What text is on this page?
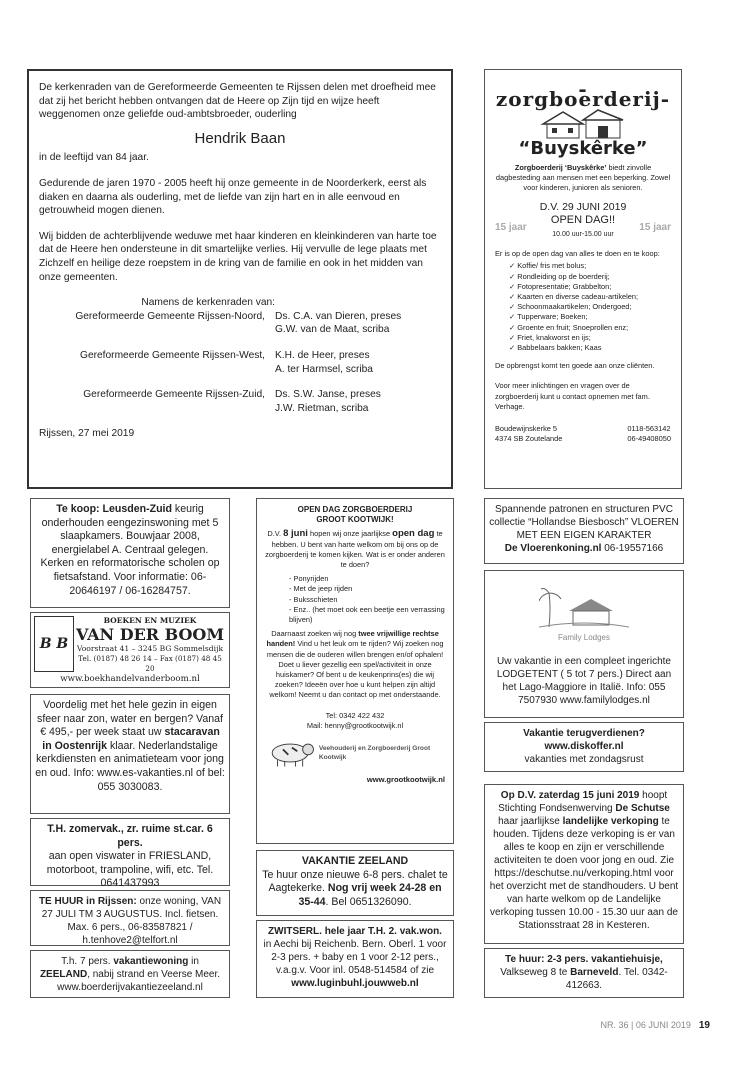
De kerkenraden van de Gereformeerde Gemeenten te Rijssen delen met droefheid mee dat zij het bericht hebben ontvangen dat de Heere op Zijn tijd en wijze heeft weggenomen onze geliefde oud-ambtsbroeder, ouderling

Hendrik Baan

in de leeftijd van 84 jaar.

Gedurende de jaren 1970 - 2005 heeft hij onze gemeente in de Noorderkerk, eerst als diaken en daarna als ouderling, met de liefde van zijn hart en in alle eenvoud en getrouwheid mogen dienen.

Wij bidden de achterblijvende weduwe met haar kinderen en kleinkinderen van harte toe dat de Heere hen ondersteune in dit smartelijke verlies. Hij vervulle de lege plaats met Zichzelf en heilige deze roepstem in de kring van de familie en ook in het midden van onze gemeenten.

Namens de kerkenraden van:
Gereformeerde Gemeente Rijssen-Noord, Ds. C.A. van Dieren, preses
G.W. van de Maat, scriba
Gereformeerde Gemeente Rijssen-West, K.H. de Heer, preses
A. ter Harmsel, scriba
Gereformeerde Gemeente Rijssen-Zuid, Ds. S.W. Janse, preses
J.W. Rietman, scriba

Rijssen, 27 mei 2019

-zorgboerderij-
“Buyskêrke”

Zorgboerderij ‘Buyskêrke’ biedt zinvolle dagbesteding aan mensen met een beperking. Zowel voor kinderen, junioren als senioren.

D.V. 29 JUNI 2019
15 jaar
OPEN DAG!!
10.00 uur-15.00 uur
15 jaar

Er is op de open dag van alles te doen en te koop:

✓ Koffie/ fris met bolus;
✓ Rondleiding op de boerderij;
✓ Fotopresentatie; Grabbelton;
✓ Kaarten en diverse cadeau-artikelen;
✓ Schoonmaakartikelen; Ondergoed;
✓ Tupperware; Boeken;
✓ Groente en fruit; Snoeprollen enz;
✓ Friet, knakworst en ijs;
✓ Babbelaars bakken; Kaas

De opbrengst komt ten goede aan onze cliënten.

Voor meer inlichtingen en vragen over de zorgboerderij kunt u contact opnemen met fam. Verhage.

Boudewijnskerke 5
4374 SB Zoutelande
0118-563142
06-49408050
Te koop: Leusden-Zuid keurig onderhouden eengezinswoning met 5 slaapkamers. Bouwjaar 2008, energielabel A. Centraal gelegen. Kerken en reformatorische scholen op fietsafstand. Voor informatie: 06-20646197 / 06-16284757.
B B
BOEKEN EN MUZIEK
VAN DER BOOM
Voorstraat 41 – 3245 BG Sommelsdijk
Tel. (0187) 48 26 14 – Fax (0187) 48 45 20
www.boekhandelvanderboom.nl
Voordelig met het hele gezin in eigen sfeer naar zon, water en bergen? Vanaf € 495,- per week staat uw stacaravan in Oostenrijk klaar. Nederlandstalige kerkdiensten en animatieteam voor jong en oud. Info: www.es-vakanties.nl of bel: 055 3030083.
T.H. zomervak., zr. ruime st.car. 6 pers.
aan open viswater in FRIESLAND, motorboot, trampoline, wifi, etc. Tel. 0641437993
TE HUUR in Rijssen: onze woning, VAN 27 JULI TM 3 AUGUSTUS. Incl. fietsen. Max. 6 pers., 06-83587821 / h.tenhove2@telfort.nl
T.h. 7 pers. vakantiewoning in ZEELAND, nabij strand en Veerse Meer. www.boerderijvakantiezeeland.nl
OPEN DAG ZORGBOERDERIJ
GROOT KOOTWIJK!

D.V. 8 juni hopen wij onze jaarlijkse open dag te hebben. U bent van harte welkom om bij ons op de zorgboerderij te komen kijken. Wat is er onder anderen te doen?

- Ponyrijden
- Met de jeep rijden
- Buksschieten
- Enz.. (het moet ook een beetje een verrassing blijven)

Daarnaast zoeken wij nog twee vrijwillige rechtse handen! Vind u het leuk om te rijden? Wij zoeken nog mensen die de ouderen willen brengen en/of ophalen! Doet u liever gezellig een spel/activiteit in onze huiskamer? Of bent u de keukenprins(es) die wij zoeken? Ideeën over hoe u kunt helpen zijn altijd welkom! Neemt u dan contact op met onderstaande.

Tel: 0342 422 432

Mail: henny@grootkootwijk.nl

Veehouderij en Zorgboerderij Groot Kootwijk
www.grootkootwijk.nl
VAKANTIE ZEELAND
Te huur onze nieuwe 6-8 pers. chalet te Aagtekerke. Nog vrij week 24-28 en 35-44. Bel 0651326090.
ZWITSERL. hele jaar T.H. 2. vak.won.
in Aechi bij Reichenb. Bern. Oberl. 1 voor 2-3 pers. + baby en 1 voor 2-12 pers., v.a.g.v. Voor inl. 0548-514584 of zie www.luginbuhl.jouwweb.nl
Spannende patronen en structuren PVC collectie “Hollandse Biesbosch” VLOEREN MET EEN EIGEN KARAKTER
De Vloerenkoning.nl 06-19557166
Family Lodges
Uw vakantie in een compleet ingerichte LODGETENT ( 5 tot 7 pers.) Direct aan het Lago-Maggiore in Italië. Info: 055 7507930 www.familylodges.nl
Vakantie terugverdienen?
www.diskoffer.nl
vakanties met zondagsrust
Op D.V. zaterdag 15 juni 2019 hoopt Stichting Fondsenwerving De Schutse haar jaarlijkse landelijke verkoping te houden. Tijdens deze verkoping is er van alles te koop en zijn er verschillende activiteiten te doen voor jong en oud. Zie https://deschutse.nu/verkoping.html voor het overzicht met de standhouders. U bent van harte welkom op de Landelijke verkoping tussen 10.00 - 15.30 uur aan de Stationsstraat 28 in Kesteren.
Te huur: 2-3 pers. vakantiehuisje, Valkseweg 8 te Barneveld. Tel. 0342-412663.
NR. 36 | 06 JUNI 2019 19
